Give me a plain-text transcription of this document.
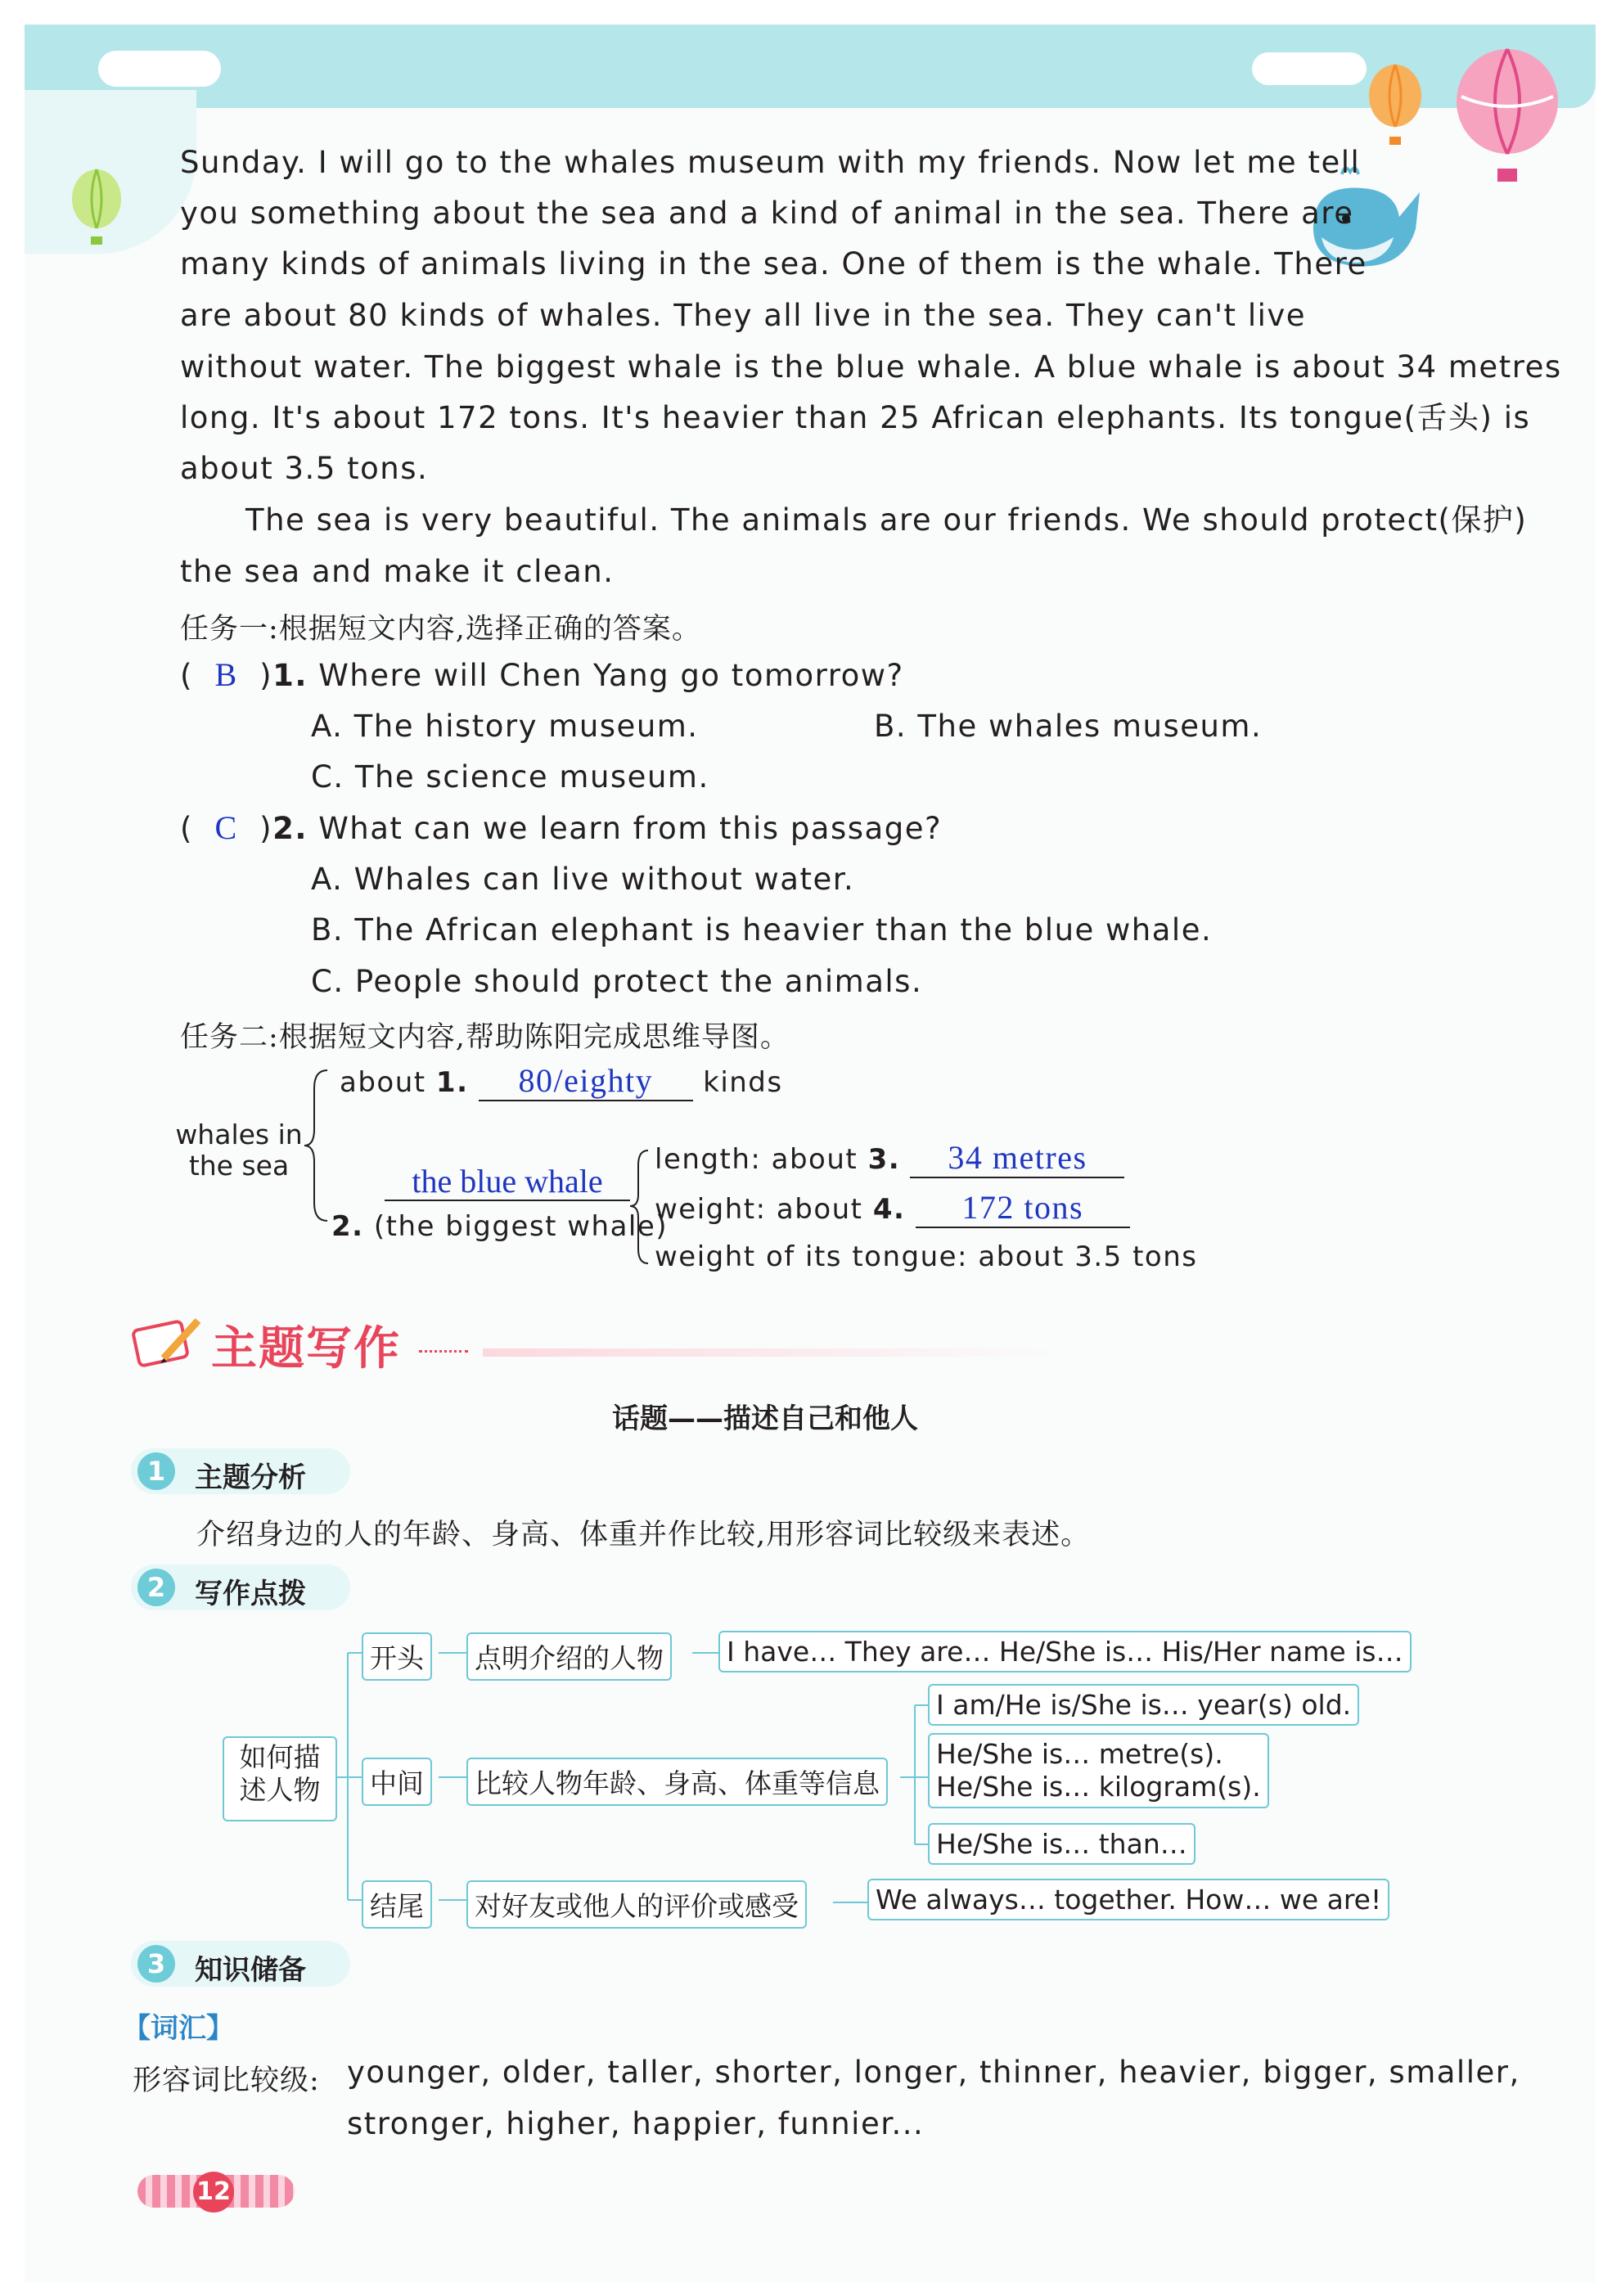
Sunday. I will go to the whales museum with my friends. Now let me tell
you something about the sea and a kind of animal in the sea. There are
many kinds of animals living in the sea. One of them is the whale. There
are about 80 kinds of whales. They all live in the sea. They can't live
without water. The biggest whale is the blue whale. A blue whale is about 34 metres
long. It's about 172 tons. It's heavier than 25 African elephants. Its tongue(舌头) is
about 3.5 tons.
The sea is very beautiful. The animals are our friends. We should protect(保护)
the sea and make it clean.
任务一:根据短文内容,选择正确的答案。
(  B  )1. Where will Chen Yang go tomorrow?
A. The history museum.	B. The whales museum.
C. The science museum.
(  C  )2. What can we learn from this passage?
A. Whales can live without water.
B. The African elephant is heavier than the blue whale.
C. People should protect the animals.
任务二:根据短文内容,帮助陈阳完成思维导图。
whales in
the sea
about 1. 80/eighty kinds
the blue whale
2. (the biggest whale)
length: about 3. 34 metres
weight: about 4. 172 tons
weight of its tongue: about 3.5 tons
主题写作
话题——描述自己和他人
1	主题分析
介绍身边的人的年龄、身高、体重并作比较,用形容词比较级来表述。
2	写作点拨
如何描
述人物
开头	点明介绍的人物	I have… They are… He/She is… His/Her name is…
中间	比较人物年龄、身高、体重等信息
I am/He is/She is… year(s) old.
He/She is… metre(s).
He/She is… kilogram(s).
He/She is… than…
结尾	对好友或他人的评价或感受	We always… together. How… we are!
3	知识储备
【词汇】
形容词比较级: younger, older, taller, shorter, longer, thinner, heavier, bigger, smaller,
stronger, higher, happier, funnier...
12
